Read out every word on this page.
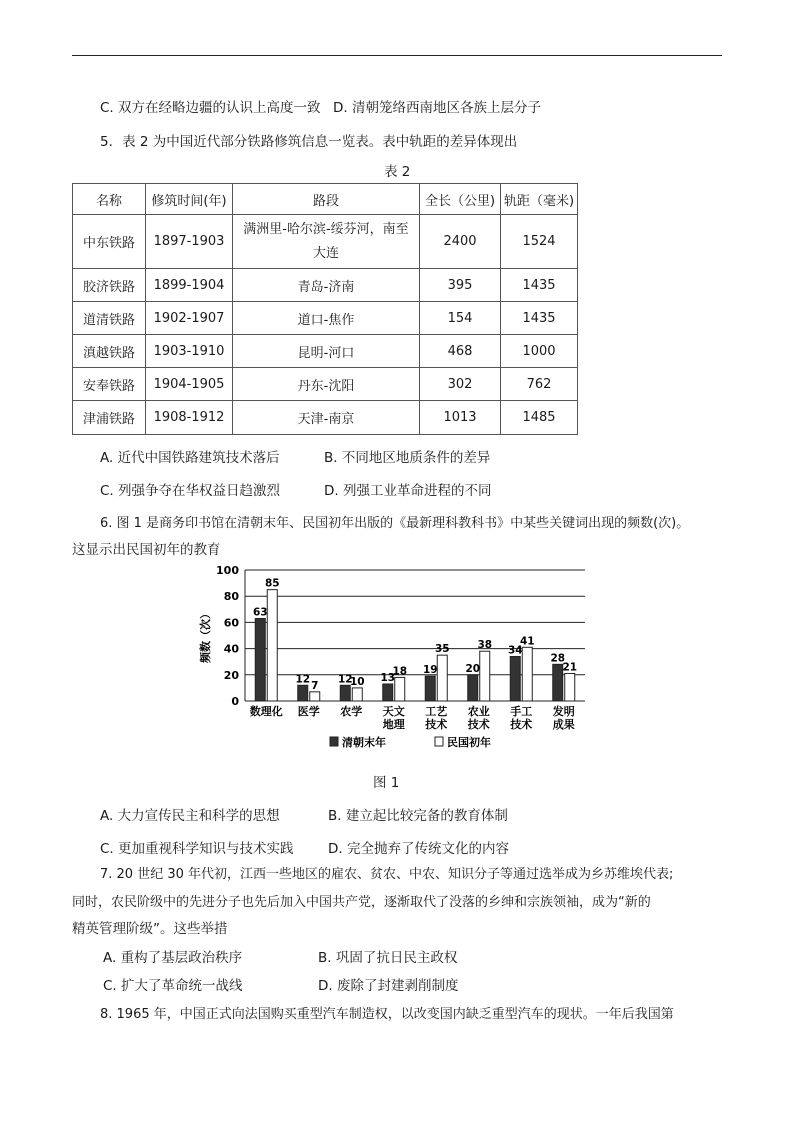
C. 双方在经略边疆的认识上高度一致 D. 清朝笼络西南地区各族上层分子
5．表 2 为中国近代部分铁路修筑信息一览表。表中轨距的差异体现出
表 2
名称	修筑时间(年)	路段	全长（公里)	轨距（毫米)
中东铁路	1897-1903	满洲里-哈尔滨-绥芬河，南至大连	2400	1524
胶济铁路	1899-1904	青岛-济南	395	1435
道清铁路	1902-1907	道口-焦作	154	1435
滇越铁路	1903-1910	昆明-河口	468	1000
安奉铁路	1904-1905	丹东-沈阳	302	762
津浦铁路	1908-1912	天津-南京	1013	1485
A. 近代中国铁路建筑技术落后	B. 不同地区地质条件的差异
C. 列强争夺在华权益日趋激烈	D. 列强工业革命进程的不同
6. 图 1 是商务印书馆在清朝末年、民国初年出版的《最新理科教科书》中某些关键词出现的频数(次)。
这显示出民国初年的教育
0
20
40
60
80
100
频数（次）	63
85
数理化
12
7
医学
12
10
农学
13
18
天文
地理
19
35
工艺
技术
20
38
农业
技术
34
41
手工
技术
28
21
发明
成果
清朝末年	民国初年
图 1
A. 大力宣传民主和科学的思想	B. 建立起比较完备的教育体制
C. 更加重视科学知识与技术实践	D. 完全抛弃了传统文化的内容
7. 20 世纪 30 年代初，江西一些地区的雇农、贫农、中农、知识分子等通过选举成为乡苏维埃代表;
同时，农民阶级中的先进分子也先后加入中国共产党，逐渐取代了没落的乡绅和宗族领袖，成为“新的
精英管理阶级”。这些举措
A. 重构了基层政治秩序	B. 巩固了抗日民主政权
C. 扩大了革命统一战线	D. 废除了封建剥削制度
8. 1965 年，中国正式向法国购买重型汽车制造权，以改变国内缺乏重型汽车的现状。一年后我国第
